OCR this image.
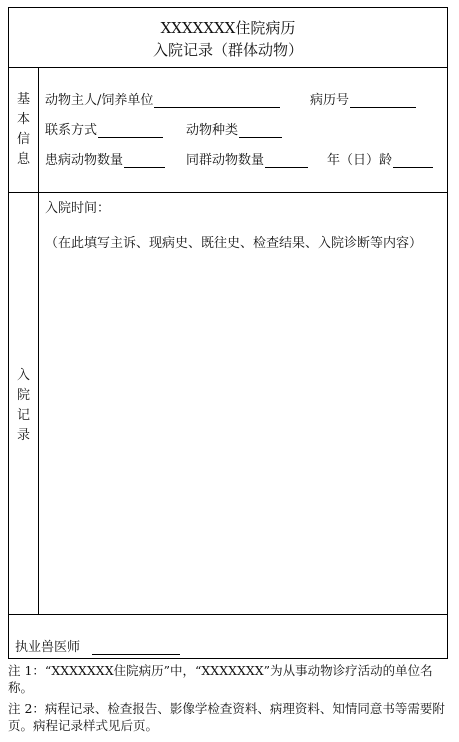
XXXXXXX住院病历
入院记录（群体动物）
基
本
信
息
动物主人/饲养单位	病历号
联系方式	动物种类
患病动物数量	同群动物数量	年（日）龄
入
院
记
录
入院时间：
（在此填写主诉、现病史、既往史、检查结果、入院诊断等内容）
执业兽医师
注 1：“XXXXXXX住院病历”中，“XXXXXXX”为从事动物诊疗活动的单位名称。
注 2：病程记录、检查报告、影像学检查资料、病理资料、知情同意书等需要附页。病程记录样式见后页。
